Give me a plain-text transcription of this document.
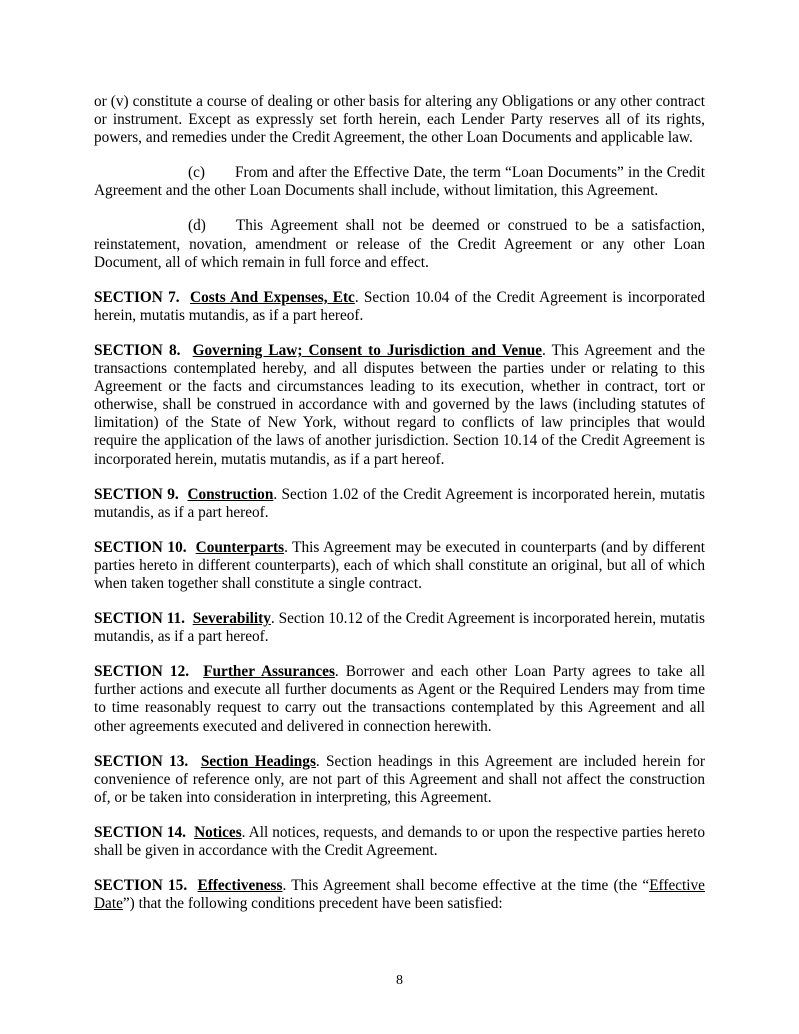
or (v) constitute a course of dealing or other basis for altering any Obligations or any other contract or instrument. Except as expressly set forth herein, each Lender Party reserves all of its rights, powers, and remedies under the Credit Agreement, the other Loan Documents and applicable law.

(c) From and after the Effective Date, the term “Loan Documents” in the Credit Agreement and the other Loan Documents shall include, without limitation, this Agreement.

(d) This Agreement shall not be deemed or construed to be a satisfaction, reinstatement, novation, amendment or release of the Credit Agreement or any other Loan Document, all of which remain in full force and effect.

SECTION 7. Costs And Expenses, Etc. Section 10.04 of the Credit Agreement is incorporated herein, mutatis mutandis, as if a part hereof.

SECTION 8. Governing Law; Consent to Jurisdiction and Venue. This Agreement and the transactions contemplated hereby, and all disputes between the parties under or relating to this Agreement or the facts and circumstances leading to its execution, whether in contract, tort or otherwise, shall be construed in accordance with and governed by the laws (including statutes of limitation) of the State of New York, without regard to conflicts of law principles that would require the application of the laws of another jurisdiction. Section 10.14 of the Credit Agreement is incorporated herein, mutatis mutandis, as if a part hereof.

SECTION 9. Construction. Section 1.02 of the Credit Agreement is incorporated herein, mutatis mutandis, as if a part hereof.

SECTION 10. Counterparts. This Agreement may be executed in counterparts (and by different parties hereto in different counterparts), each of which shall constitute an original, but all of which when taken together shall constitute a single contract.

SECTION 11. Severability. Section 10.12 of the Credit Agreement is incorporated herein, mutatis mutandis, as if a part hereof.

SECTION 12. Further Assurances. Borrower and each other Loan Party agrees to take all further actions and execute all further documents as Agent or the Required Lenders may from time to time reasonably request to carry out the transactions contemplated by this Agreement and all other agreements executed and delivered in connection herewith.

SECTION 13. Section Headings. Section headings in this Agreement are included herein for convenience of reference only, are not part of this Agreement and shall not affect the construction of, or be taken into consideration in interpreting, this Agreement.

SECTION 14. Notices. All notices, requests, and demands to or upon the respective parties hereto shall be given in accordance with the Credit Agreement.

SECTION 15. Effectiveness. This Agreement shall become effective at the time (the “Effective Date”) that the following conditions precedent have been satisfied:

8
